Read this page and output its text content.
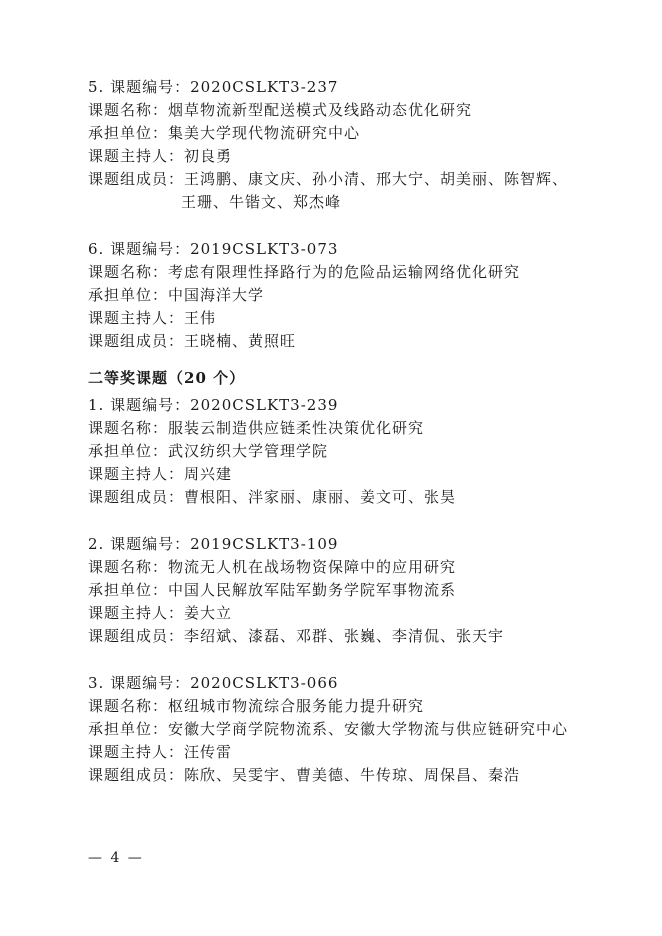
5. 课题编号：2020CSLKT3-237
课题名称：烟草物流新型配送模式及线路动态优化研究
承担单位：集美大学现代物流研究中心
课题主持人：初良勇
课题组成员：王鸿鹏、康文庆、孙小清、邢大宁、胡美丽、陈智辉、
王珊、牛锴文、郑杰峰
6. 课题编号：2019CSLKT3-073
课题名称：考虑有限理性择路行为的危险品运输网络优化研究
承担单位：中国海洋大学
课题主持人：王伟
课题组成员：王晓楠、黄照旺
二等奖课题（20 个）
1. 课题编号：2020CSLKT3-239
课题名称：服装云制造供应链柔性决策优化研究
承担单位：武汉纺织大学管理学院
课题主持人：周兴建
课题组成员：曹根阳、泮家丽、康丽、姜文可、张昊
2. 课题编号：2019CSLKT3-109
课题名称：物流无人机在战场物资保障中的应用研究
承担单位：中国人民解放军陆军勤务学院军事物流系
课题主持人：姜大立
课题组成员：李绍斌、漆磊、邓群、张巍、李清侃、张天宇
3. 课题编号：2020CSLKT3-066
课题名称：枢纽城市物流综合服务能力提升研究
承担单位：安徽大学商学院物流系、安徽大学物流与供应链研究中心
课题主持人：汪传雷
课题组成员：陈欣、吴雯宇、曹美德、牛传琼、周保昌、秦浩
— 4 —
